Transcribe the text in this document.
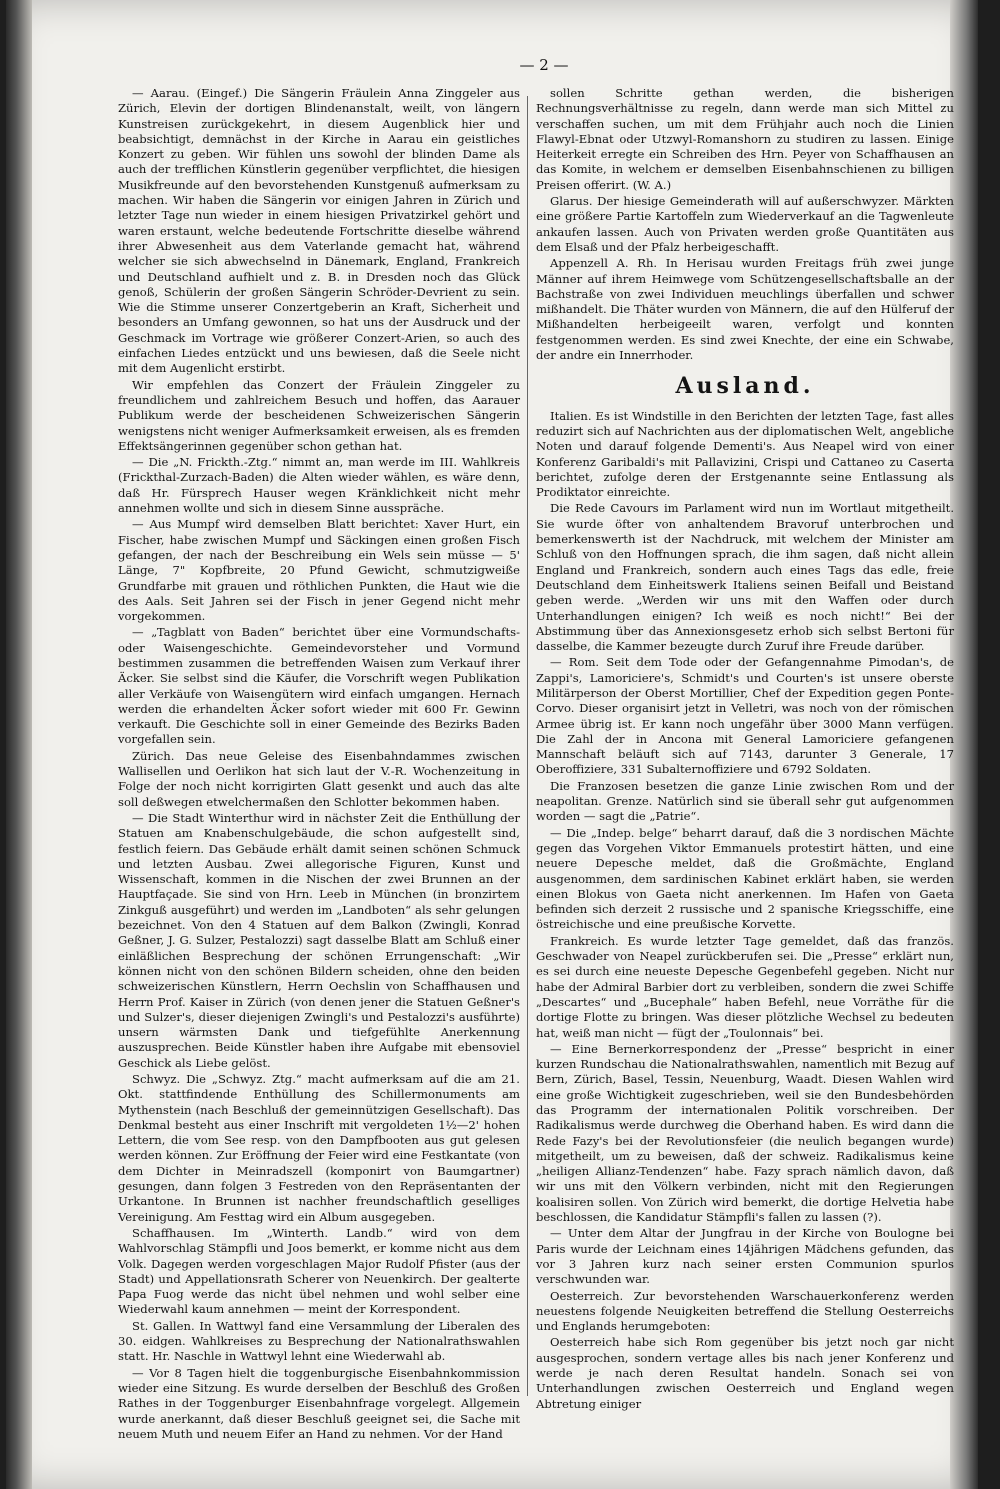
— 2 —

— Aarau. (Eingef.) Die Sängerin Fräulein Anna Zinggeler aus Zürich, Elevin der dortigen Blindenanstalt, weilt, von längern Kunstreisen zurückgekehrt, in diesem Augenblick hier und beabsichtigt, demnächst in der Kirche in Aarau ein geistliches Konzert zu geben. Wir fühlen uns sowohl der blinden Dame als auch der trefflichen Künstlerin gegenüber verpflichtet, die hiesigen Musikfreunde auf den bevorstehenden Kunstgenuß aufmerksam zu machen. Wir haben die Sängerin vor einigen Jahren in Zürich und letzter Tage nun wieder in einem hiesigen Privatzirkel gehört und waren erstaunt, welche bedeutende Fortschritte dieselbe während ihrer Abwesenheit aus dem Vaterlande gemacht hat, während welcher sie sich abwechselnd in Dänemark, England, Frankreich und Deutschland aufhielt und z. B. in Dresden noch das Glück genoß, Schülerin der großen Sängerin Schröder-Devrient zu sein. Wie die Stimme unserer Conzertgeberin an Kraft, Sicherheit und besonders an Umfang gewonnen, so hat uns der Ausdruck und der Geschmack im Vortrage wie größerer Conzert-Arien, so auch des einfachen Liedes entzückt und uns bewiesen, daß die Seele nicht mit dem Augenlicht erstirbt.

Wir empfehlen das Conzert der Fräulein Zinggeler zu freundlichem und zahlreichem Besuch und hoffen, das Aarauer Publikum werde der bescheidenen Schweizerischen Sängerin wenigstens nicht weniger Aufmerksamkeit erweisen, als es fremden Effektsängerinnen gegenüber schon gethan hat.

— Die „N. Frickth.-Ztg.“ nimmt an, man werde im III. Wahlkreis (Frickthal-Zurzach-Baden) die Alten wieder wählen, es wäre denn, daß Hr. Fürsprech Hauser wegen Kränklichkeit nicht mehr annehmen wollte und sich in diesem Sinne ausspräche.

— Aus Mumpf wird demselben Blatt berichtet: Xaver Hurt, ein Fischer, habe zwischen Mumpf und Säckingen einen großen Fisch gefangen, der nach der Beschreibung ein Wels sein müsse — 5' Länge, 7" Kopfbreite, 20 Pfund Gewicht, schmutzigweiße Grundfarbe mit grauen und röthlichen Punkten, die Haut wie die des Aals. Seit Jahren sei der Fisch in jener Gegend nicht mehr vorgekommen.

— „Tagblatt von Baden“ berichtet über eine Vormundschafts- oder Waisengeschichte. Gemeindevorsteher und Vormund bestimmen zusammen die betreffenden Waisen zum Verkauf ihrer Äcker. Sie selbst sind die Käufer, die Vorschrift wegen Publikation aller Verkäufe von Waisengütern wird einfach umgangen. Hernach werden die erhandelten Äcker sofort wieder mit 600 Fr. Gewinn verkauft. Die Geschichte soll in einer Gemeinde des Bezirks Baden vorgefallen sein.

Zürich. Das neue Geleise des Eisenbahndammes zwischen Wallisellen und Oerlikon hat sich laut der V.-R. Wochenzeitung in Folge der noch nicht korrigirten Glatt gesenkt und auch das alte soll deßwegen etwelchermaßen den Schlotter bekommen haben.

— Die Stadt Winterthur wird in nächster Zeit die Enthüllung der Statuen am Knabenschulgebäude, die schon aufgestellt sind, festlich feiern. Das Gebäude erhält damit seinen schönen Schmuck und letzten Ausbau. Zwei allegorische Figuren, Kunst und Wissenschaft, kommen in die Nischen der zwei Brunnen an der Hauptfaçade. Sie sind von Hrn. Leeb in München (in bronzirtem Zinkguß ausgeführt) und werden im „Landboten“ als sehr gelungen bezeichnet. Von den 4 Statuen auf dem Balkon (Zwingli, Konrad Geßner, J. G. Sulzer, Pestalozzi) sagt dasselbe Blatt am Schluß einer einläßlichen Besprechung der schönen Errungenschaft: „Wir können nicht von den schönen Bildern scheiden, ohne den beiden schweizerischen Künstlern, Herrn Oechslin von Schaffhausen und Herrn Prof. Kaiser in Zürich (von denen jener die Statuen Geßner's und Sulzer's, dieser diejenigen Zwingli's und Pestalozzi's ausführte) unsern wärmsten Dank und tiefgefühlte Anerkennung auszusprechen. Beide Künstler haben ihre Aufgabe mit ebensoviel Geschick als Liebe gelöst.

Schwyz. Die „Schwyz. Ztg.“ macht aufmerksam auf die am 21. Okt. stattfindende Enthüllung des Schillermonuments am Mythenstein (nach Beschluß der gemeinnützigen Gesellschaft). Das Denkmal besteht aus einer Inschrift mit vergoldeten 1½—2' hohen Lettern, die vom See resp. von den Dampfbooten aus gut gelesen werden können. Zur Eröffnung der Feier wird eine Festkantate (von dem Dichter in Meinradszell (komponirt von Baumgartner) gesungen, dann folgen 3 Festreden von den Repräsentanten der Urkantone. In Brunnen ist nachher freundschaftlich geselliges Vereinigung. Am Festtag wird ein Album ausgegeben.

Schaffhausen. Im „Winterth. Landb.“ wird von dem Wahlvorschlag Stämpfli und Joos bemerkt, er komme nicht aus dem Volk. Dagegen werden vorgeschlagen Major Rudolf Pfister (aus der Stadt) und Appellationsrath Scherer von Neuenkirch. Der gealterte Papa Fuog werde das nicht übel nehmen und wohl selber eine Wiederwahl kaum annehmen — meint der Korrespondent.

St. Gallen. In Wattwyl fand eine Versammlung der Liberalen des 30. eidgen. Wahlkreises zu Besprechung der Nationalrathswahlen statt. Hr. Naschle in Wattwyl lehnt eine Wiederwahl ab.

— Vor 8 Tagen hielt die toggenburgische Eisenbahnkommission wieder eine Sitzung. Es wurde derselben der Beschluß des Großen Rathes in der Toggenburger Eisenbahnfrage vorgelegt. Allgemein wurde anerkannt, daß dieser Beschluß geeignet sei, die Sache mit neuem Muth und neuem Eifer an Hand zu nehmen. Vor der Hand

sollen Schritte gethan werden, die bisherigen Rechnungsverhältnisse zu regeln, dann werde man sich Mittel zu verschaffen suchen, um mit dem Frühjahr auch noch die Linien Flawyl-Ebnat oder Utzwyl-Romanshorn zu studiren zu lassen. Einige Heiterkeit erregte ein Schreiben des Hrn. Peyer von Schaffhausen an das Komite, in welchem er demselben Eisenbahnschienen zu billigen Preisen offerirt. (W. A.)

Glarus. Der hiesige Gemeinderath will auf außerschwyzer. Märkten eine größere Partie Kartoffeln zum Wiederverkauf an die Tagwenleute ankaufen lassen. Auch von Privaten werden große Quantitäten aus dem Elsaß und der Pfalz herbeigeschafft.

Appenzell A. Rh. In Herisau wurden Freitags früh zwei junge Männer auf ihrem Heimwege vom Schützengesellschaftsballe an der Bachstraße von zwei Individuen meuchlings überfallen und schwer mißhandelt. Die Thäter wurden von Männern, die auf den Hülferuf der Mißhandelten herbeigeeilt waren, verfolgt und konnten festgenommen werden. Es sind zwei Knechte, der eine ein Schwabe, der andre ein Innerrhoder.

Ausland.

Italien. Es ist Windstille in den Berichten der letzten Tage, fast alles reduzirt sich auf Nachrichten aus der diplomatischen Welt, angebliche Noten und darauf folgende Dementi's. Aus Neapel wird von einer Konferenz Garibaldi's mit Pallavizini, Crispi und Cattaneo zu Caserta berichtet, zufolge deren der Erstgenannte seine Entlassung als Prodiktator einreichte.

Die Rede Cavours im Parlament wird nun im Wortlaut mitgetheilt. Sie wurde öfter von anhaltendem Bravoruf unterbrochen und bemerkenswerth ist der Nachdruck, mit welchem der Minister am Schluß von den Hoffnungen sprach, die ihm sagen, daß nicht allein England und Frankreich, sondern auch eines Tags das edle, freie Deutschland dem Einheitswerk Italiens seinen Beifall und Beistand geben werde. „Werden wir uns mit den Waffen oder durch Unterhandlungen einigen? Ich weiß es noch nicht!“ Bei der Abstimmung über das Annexionsgesetz erhob sich selbst Bertoni für dasselbe, die Kammer bezeugte durch Zuruf ihre Freude darüber.

— Rom. Seit dem Tode oder der Gefangennahme Pimodan's, de Zappi's, Lamoriciere's, Schmidt's und Courten's ist unsere oberste Militärperson der Oberst Mortillier, Chef der Expedition gegen Ponte-Corvo. Dieser organisirt jetzt in Velletri, was noch von der römischen Armee übrig ist. Er kann noch ungefähr über 3000 Mann verfügen. Die Zahl der in Ancona mit General Lamoriciere gefangenen Mannschaft beläuft sich auf 7143, darunter 3 Generale, 17 Oberoffiziere, 331 Subalternoffiziere und 6792 Soldaten.

Die Franzosen besetzen die ganze Linie zwischen Rom und der neapolitan. Grenze. Natürlich sind sie überall sehr gut aufgenommen worden — sagt die „Patrie“.

— Die „Indep. belge“ beharrt darauf, daß die 3 nordischen Mächte gegen das Vorgehen Viktor Emmanuels protestirt hätten, und eine neuere Depesche meldet, daß die Großmächte, England ausgenommen, dem sardinischen Kabinet erklärt haben, sie werden einen Blokus von Gaeta nicht anerkennen. Im Hafen von Gaeta befinden sich derzeit 2 russische und 2 spanische Kriegsschiffe, eine östreichische und eine preußische Korvette.

Frankreich. Es wurde letzter Tage gemeldet, daß das französ. Geschwader von Neapel zurückberufen sei. Die „Presse“ erklärt nun, es sei durch eine neueste Depesche Gegenbefehl gegeben. Nicht nur habe der Admiral Barbier dort zu verbleiben, sondern die zwei Schiffe „Descartes“ und „Bucephale“ haben Befehl, neue Vorräthe für die dortige Flotte zu bringen. Was dieser plötzliche Wechsel zu bedeuten hat, weiß man nicht — fügt der „Toulonnais“ bei.

— Eine Bernerkorrespondenz der „Presse“ bespricht in einer kurzen Rundschau die Nationalrathswahlen, namentlich mit Bezug auf Bern, Zürich, Basel, Tessin, Neuenburg, Waadt. Diesen Wahlen wird eine große Wichtigkeit zugeschrieben, weil sie den Bundesbehörden das Programm der internationalen Politik vorschreiben. Der Radikalismus werde durchweg die Oberhand haben. Es wird dann die Rede Fazy's bei der Revolutionsfeier (die neulich begangen wurde) mitgetheilt, um zu beweisen, daß der schweiz. Radikalismus keine „heiligen Allianz-Tendenzen“ habe. Fazy sprach nämlich davon, daß wir uns mit den Völkern verbinden, nicht mit den Regierungen koalisiren sollen. Von Zürich wird bemerkt, die dortige Helvetia habe beschlossen, die Kandidatur Stämpfli's fallen zu lassen (?).

— Unter dem Altar der Jungfrau in der Kirche von Boulogne bei Paris wurde der Leichnam eines 14jährigen Mädchens gefunden, das vor 3 Jahren kurz nach seiner ersten Communion spurlos verschwunden war.

Oesterreich. Zur bevorstehenden Warschauerkonferenz werden neuestens folgende Neuigkeiten betreffend die Stellung Oesterreichs und Englands herumgeboten:

Oesterreich habe sich Rom gegenüber bis jetzt noch gar nicht ausgesprochen, sondern vertage alles bis nach jener Konferenz und werde je nach deren Resultat handeln. Sonach sei von Unterhandlungen zwischen Oesterreich und England wegen Abtretung einiger
